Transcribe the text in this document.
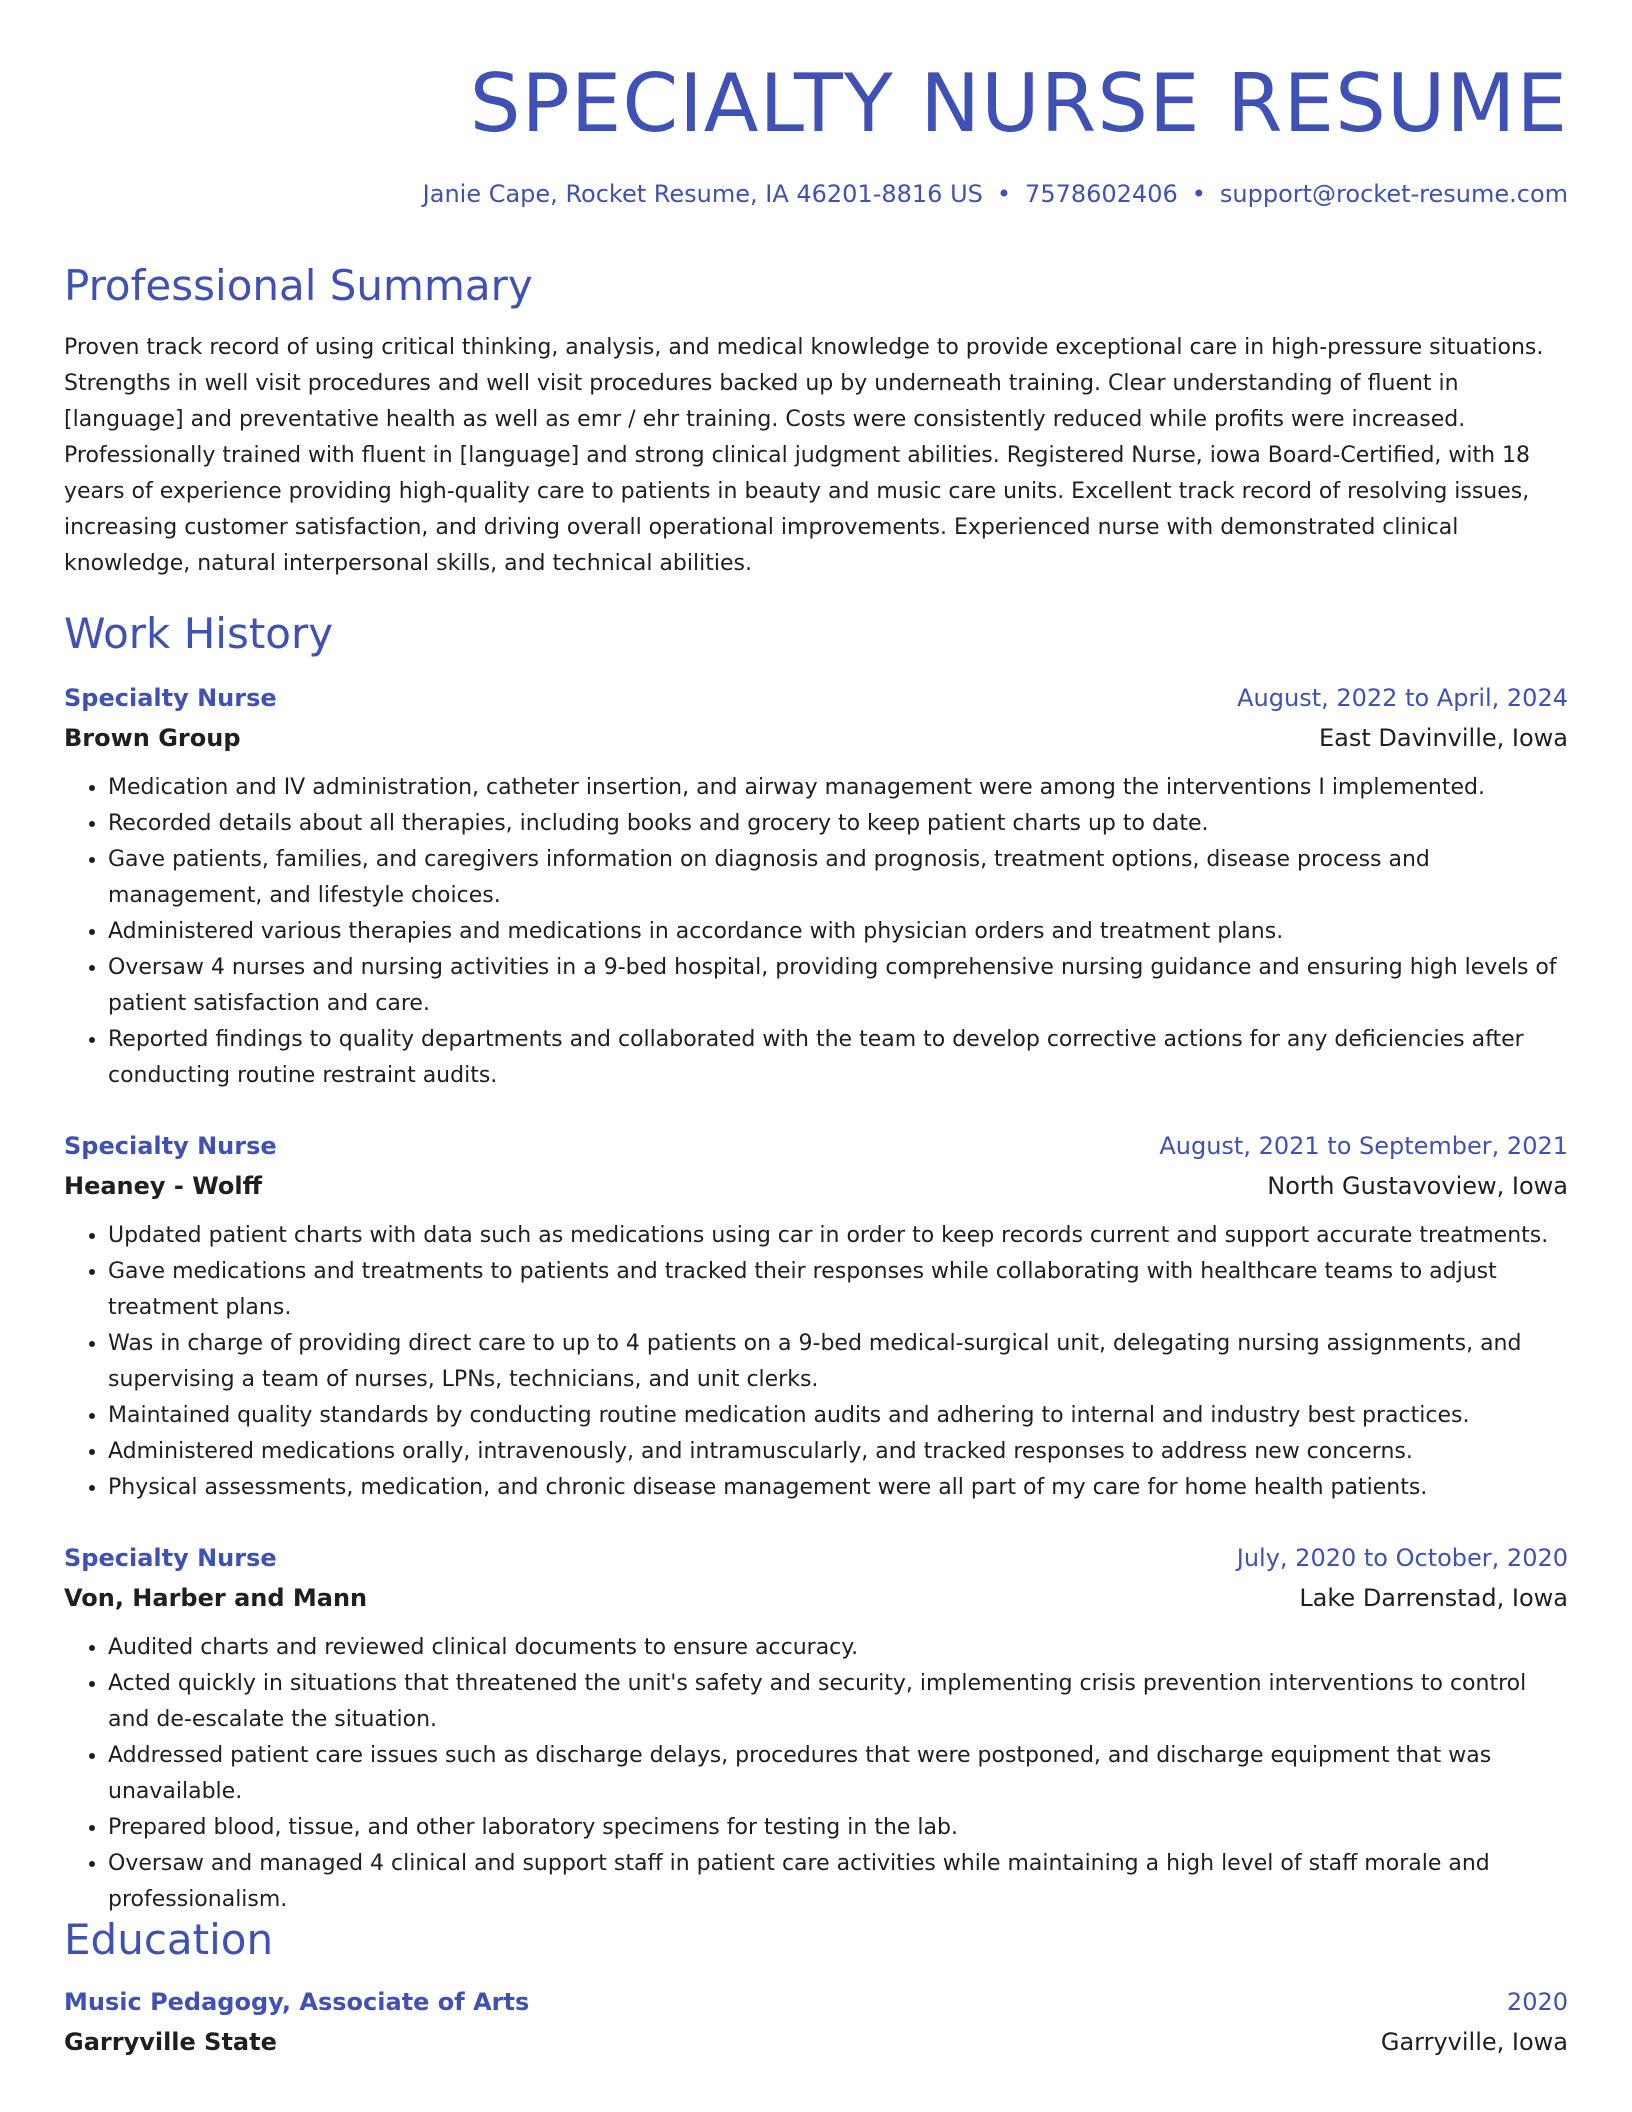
SPECIALTY NURSE RESUME
Janie Cape, Rocket Resume, IA 46201-8816 US • 7578602406 • support@rocket-resume.com
Professional Summary

Proven track record of using critical thinking, analysis, and medical knowledge to provide exceptional care in high-pressure situations. Strengths in well visit procedures and well visit procedures backed up by underneath training. Clear understanding of fluent in [language] and preventative health as well as emr / ehr training. Costs were consistently reduced while profits were increased. Professionally trained with fluent in [language] and strong clinical judgment abilities. Registered Nurse, iowa Board-Certified, with 18 years of experience providing high-quality care to patients in beauty and music care units. Excellent track record of resolving issues, increasing customer satisfaction, and driving overall operational improvements. Experienced nurse with demonstrated clinical knowledge, natural interpersonal skills, and technical abilities.

Work History
Specialty Nurse	August, 2022 to April, 2024
Brown Group	East Davinville, Iowa
• Medication and IV administration, catheter insertion, and airway management were among the interventions I implemented.
• Recorded details about all therapies, including books and grocery to keep patient charts up to date.
• Gave patients, families, and caregivers information on diagnosis and prognosis, treatment options, disease process and management, and lifestyle choices.
• Administered various therapies and medications in accordance with physician orders and treatment plans.
• Oversaw 4 nurses and nursing activities in a 9-bed hospital, providing comprehensive nursing guidance and ensuring high levels of patient satisfaction and care.
• Reported findings to quality departments and collaborated with the team to develop corrective actions for any deficiencies after conducting routine restraint audits.
Specialty Nurse	August, 2021 to September, 2021
Heaney - Wolff	North Gustavoview, Iowa
• Updated patient charts with data such as medications using car in order to keep records current and support accurate treatments.
• Gave medications and treatments to patients and tracked their responses while collaborating with healthcare teams to adjust treatment plans.
• Was in charge of providing direct care to up to 4 patients on a 9-bed medical-surgical unit, delegating nursing assignments, and supervising a team of nurses, LPNs, technicians, and unit clerks.
• Maintained quality standards by conducting routine medication audits and adhering to internal and industry best practices.
• Administered medications orally, intravenously, and intramuscularly, and tracked responses to address new concerns.
• Physical assessments, medication, and chronic disease management were all part of my care for home health patients.
Specialty Nurse	July, 2020 to October, 2020
Von, Harber and Mann	Lake Darrenstad, Iowa
• Audited charts and reviewed clinical documents to ensure accuracy.
• Acted quickly in situations that threatened the unit's safety and security, implementing crisis prevention interventions to control and de-escalate the situation.
• Addressed patient care issues such as discharge delays, procedures that were postponed, and discharge equipment that was unavailable.
• Prepared blood, tissue, and other laboratory specimens for testing in the lab.
• Oversaw and managed 4 clinical and support staff in patient care activities while maintaining a high level of staff morale and professionalism.
Education
Music Pedagogy, Associate of Arts	2020
Garryville State	Garryville, Iowa
